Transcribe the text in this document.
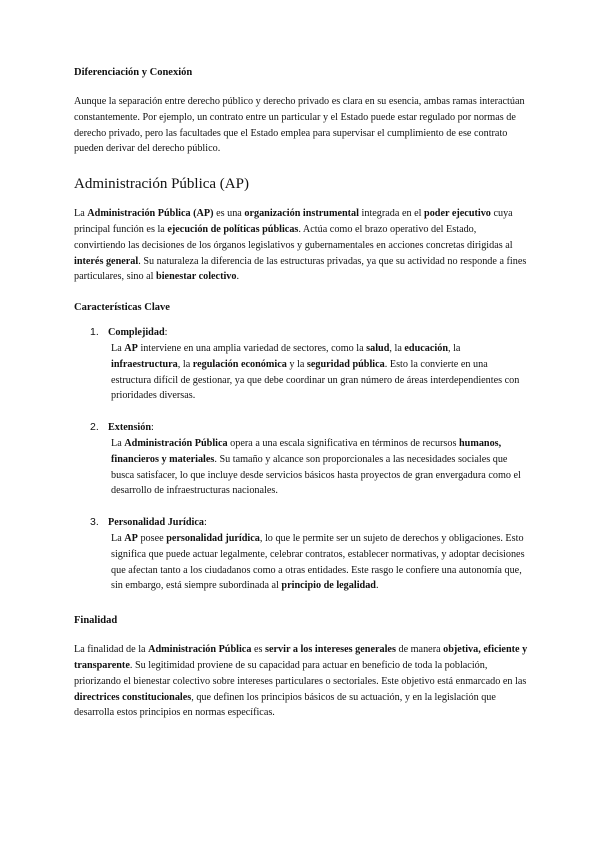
Diferenciación y Conexión
Aunque la separación entre derecho público y derecho privado es clara en su esencia, ambas ramas interactúan constantemente. Por ejemplo, un contrato entre un particular y el Estado puede estar regulado por normas de derecho privado, pero las facultades que el Estado emplea para supervisar el cumplimiento de ese contrato pueden derivar del derecho público.
Administración Pública (AP)
La Administración Pública (AP) es una organización instrumental integrada en el poder ejecutivo cuya principal función es la ejecución de políticas públicas. Actúa como el brazo operativo del Estado, convirtiendo las decisiones de los órganos legislativos y gubernamentales en acciones concretas dirigidas al interés general. Su naturaleza la diferencia de las estructuras privadas, ya que su actividad no responde a fines particulares, sino al bienestar colectivo.
Características Clave
1. Complejidad:
La AP interviene en una amplia variedad de sectores, como la salud, la educación, la infraestructura, la regulación económica y la seguridad pública. Esto la convierte en una estructura difícil de gestionar, ya que debe coordinar un gran número de áreas interdependientes con prioridades diversas.
2. Extensión:
La Administración Pública opera a una escala significativa en términos de recursos humanos, financieros y materiales. Su tamaño y alcance son proporcionales a las necesidades sociales que busca satisfacer, lo que incluye desde servicios básicos hasta proyectos de gran envergadura como el desarrollo de infraestructuras nacionales.
3. Personalidad Jurídica:
La AP posee personalidad jurídica, lo que le permite ser un sujeto de derechos y obligaciones. Esto significa que puede actuar legalmente, celebrar contratos, establecer normativas, y adoptar decisiones que afectan tanto a los ciudadanos como a otras entidades. Este rasgo le confiere una autonomía que, sin embargo, está siempre subordinada al principio de legalidad.
Finalidad
La finalidad de la Administración Pública es servir a los intereses generales de manera objetiva, eficiente y transparente. Su legitimidad proviene de su capacidad para actuar en beneficio de toda la población, priorizando el bienestar colectivo sobre intereses particulares o sectoriales. Este objetivo está enmarcado en las directrices constitucionales, que definen los principios básicos de su actuación, y en la legislación que desarrolla estos principios en normas específicas.
